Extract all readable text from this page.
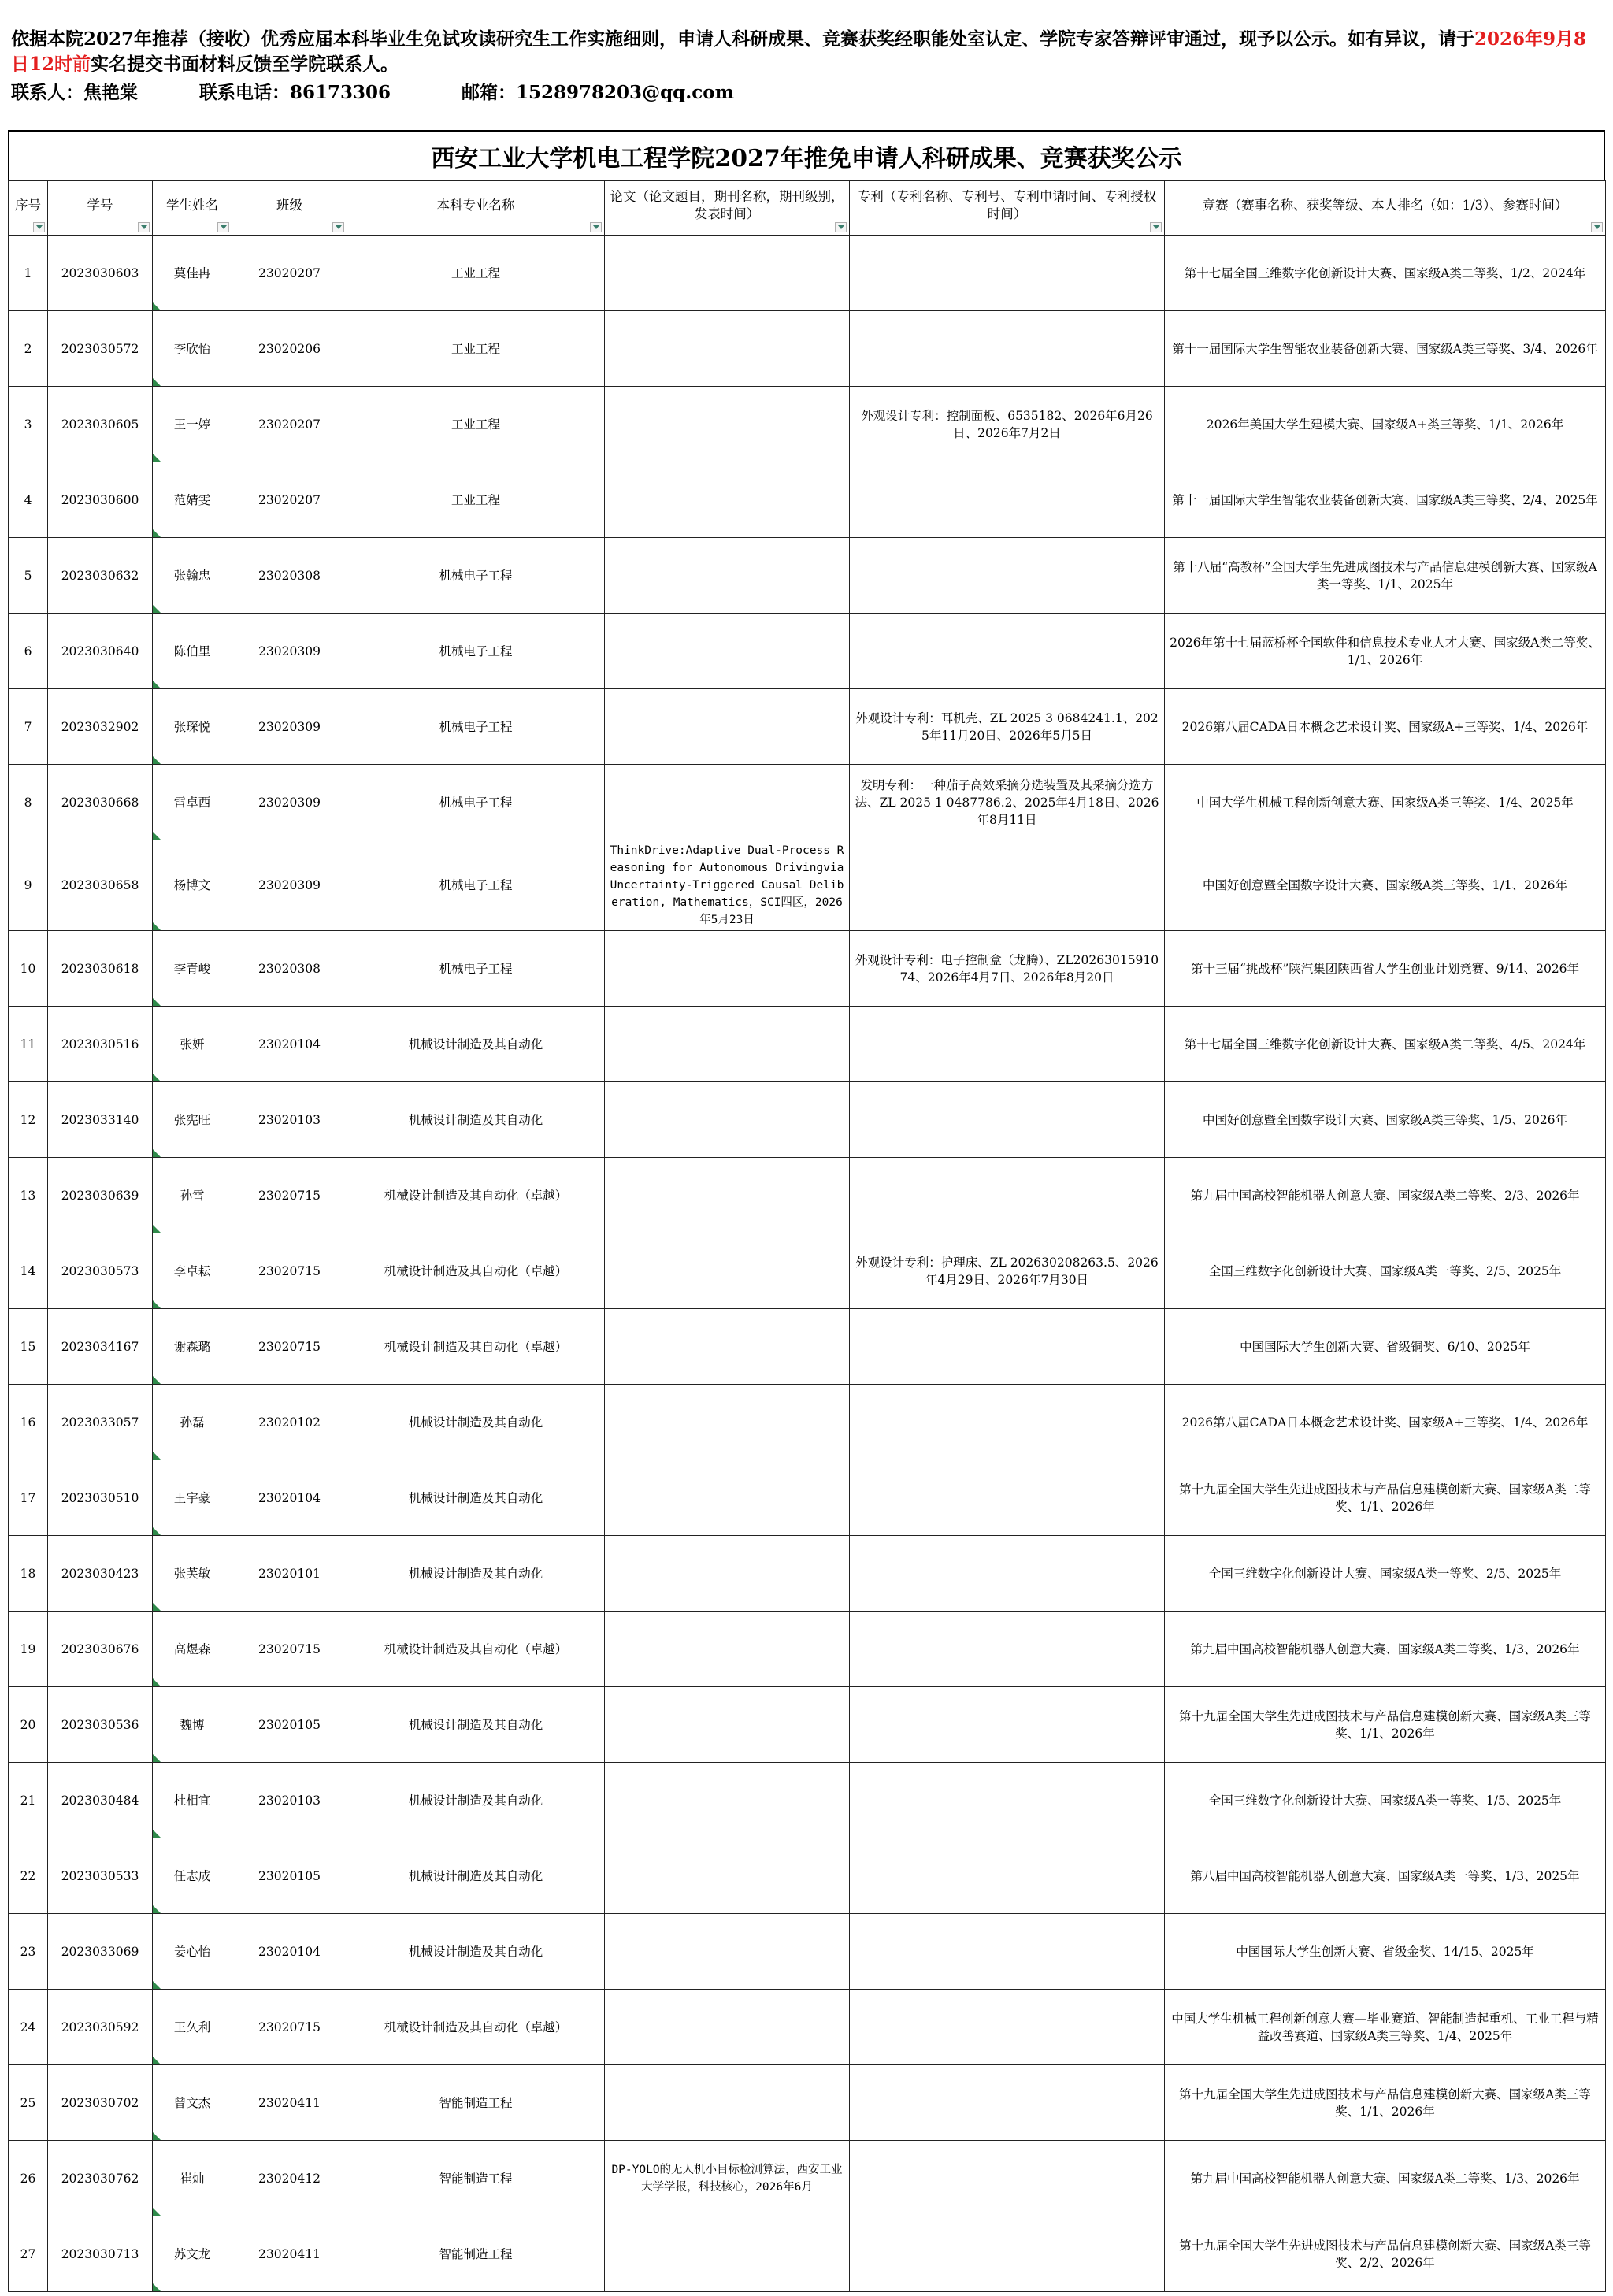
依据本院2027年推荐（接收）优秀应届本科毕业生免试攻读研究生工作实施细则，申请人科研成果、竞赛获奖经职能处室认定、学院专家答辩评审通过，现予以公示。如有异议，请于2026年9月8日12时前实名提交书面材料反馈至学院联系人。
联系人：焦艳棠	联系电话：86173306	邮箱：1528978203@qq.com
西安工业大学机电工程学院2027年推免申请人科研成果、竞赛获奖公示
序号	学号	学生姓名	班级	本科专业名称	论文（论文题目，期刊名称，期刊级别，发表时间）	专利（专利名称、专利号、专利申请时间、专利授权时间）	竞赛（赛事名称、获奖等级、本人排名（如：1/3）、参赛时间）

1	2023030603	莫佳冉	23020207	工业工程			第十七届全国三维数字化创新设计大赛、国家级A类二等奖、1/2、2024年
2	2023030572	李欣怡	23020206	工业工程			第十一届国际大学生智能农业装备创新大赛、国家级A类三等奖、3/4、2026年
3	2023030605	王一婷	23020207	工业工程		外观设计专利：控制面板、6535182、2026年6月26日、2026年7月2日	2026年美国大学生建模大赛、国家级A+类三等奖、1/1、2026年
4	2023030600	范婧雯	23020207	工业工程			第十一届国际大学生智能农业装备创新大赛、国家级A类三等奖、2/4、2025年
5	2023030632	张翰忠	23020308	机械电子工程			第十八届“高教杯”全国大学生先进成图技术与产品信息建模创新大赛、国家级A类一等奖、1/1、2025年
6	2023030640	陈伯里	23020309	机械电子工程			2026年第十七届蓝桥杯全国软件和信息技术专业人才大赛、国家级A类二等奖、1/1、2026年
7	2023032902	张琛悦	23020309	机械电子工程		外观设计专利：耳机壳、ZL 2025 3 0684241.1、2025年11月20日、2026年5月5日	2026第八届CADA日本概念艺术设计奖、国家级A+三等奖、1/4、2026年
8	2023030668	雷卓西	23020309	机械电子工程		发明专利：一种茄子高效采摘分选装置及其采摘分选方法、ZL 2025 1 0487786.2、2025年4月18日、2026年8月11日	中国大学生机械工程创新创意大赛、国家级A类三等奖、1/4、2025年
9	2023030658	杨博文	23020309	机械电子工程	ThinkDrive:Adaptive Dual-Process Reasoning for Autonomous Drivingvia Uncertainty-Triggered Causal Deliberation, Mathematics，SCI四区，2026年5月23日		中国好创意暨全国数字设计大赛、国家级A类三等奖、1/1、2026年
10	2023030618	李青峻	23020308	机械电子工程		外观设计专利：电子控制盒（龙腾）、ZL2026301591074、2026年4月7日、2026年8月20日	第十三届“挑战杯”陕汽集团陕西省大学生创业计划竞赛、9/14、2026年
11	2023030516	张妍	23020104	机械设计制造及其自动化			第十七届全国三维数字化创新设计大赛、国家级A类二等奖、4/5、2024年
12	2023033140	张宪旺	23020103	机械设计制造及其自动化			中国好创意暨全国数字设计大赛、国家级A类三等奖、1/5、2026年
13	2023030639	孙雪	23020715	机械设计制造及其自动化（卓越）			第九届中国高校智能机器人创意大赛、国家级A类二等奖、2/3、2026年
14	2023030573	李卓耘	23020715	机械设计制造及其自动化（卓越）		外观设计专利：护理床、ZL 202630208263.5、2026年4月29日、2026年7月30日	全国三维数字化创新设计大赛、国家级A类一等奖、2/5、2025年
15	2023034167	谢森璐	23020715	机械设计制造及其自动化（卓越）			中国国际大学生创新大赛、省级铜奖、6/10、2025年
16	2023033057	孙磊	23020102	机械设计制造及其自动化			2026第八届CADA日本概念艺术设计奖、国家级A+三等奖、1/4、2026年
17	2023030510	王宇豪	23020104	机械设计制造及其自动化			第十九届全国大学生先进成图技术与产品信息建模创新大赛、国家级A类二等奖、1/1、2026年
18	2023030423	张芙敏	23020101	机械设计制造及其自动化			全国三维数字化创新设计大赛、国家级A类一等奖、2/5、2025年
19	2023030676	高煜森	23020715	机械设计制造及其自动化（卓越）			第九届中国高校智能机器人创意大赛、国家级A类二等奖、1/3、2026年
20	2023030536	魏博	23020105	机械设计制造及其自动化			第十九届全国大学生先进成图技术与产品信息建模创新大赛、国家级A类三等奖、1/1、2026年
21	2023030484	杜相宜	23020103	机械设计制造及其自动化			全国三维数字化创新设计大赛、国家级A类一等奖、1/5、2025年
22	2023030533	任志成	23020105	机械设计制造及其自动化			第八届中国高校智能机器人创意大赛、国家级A类一等奖、1/3、2025年
23	2023033069	姜心怡	23020104	机械设计制造及其自动化			中国国际大学生创新大赛、省级金奖、14/15、2025年
24	2023030592	王久利	23020715	机械设计制造及其自动化（卓越）			中国大学生机械工程创新创意大赛—毕业赛道、智能制造起重机、工业工程与精益改善赛道、国家级A类三等奖、1/4、2025年
25	2023030702	曾文杰	23020411	智能制造工程			第十九届全国大学生先进成图技术与产品信息建模创新大赛、国家级A类三等奖、1/1、2026年
26	2023030762	崔灿	23020412	智能制造工程	DP-YOLO的无人机小目标检测算法，西安工业大学学报，科技核心，2026年6月		第九届中国高校智能机器人创意大赛、国家级A类二等奖、1/3、2026年
27	2023030713	苏文龙	23020411	智能制造工程			第十九届全国大学生先进成图技术与产品信息建模创新大赛、国家级A类三等奖、2/2、2026年
